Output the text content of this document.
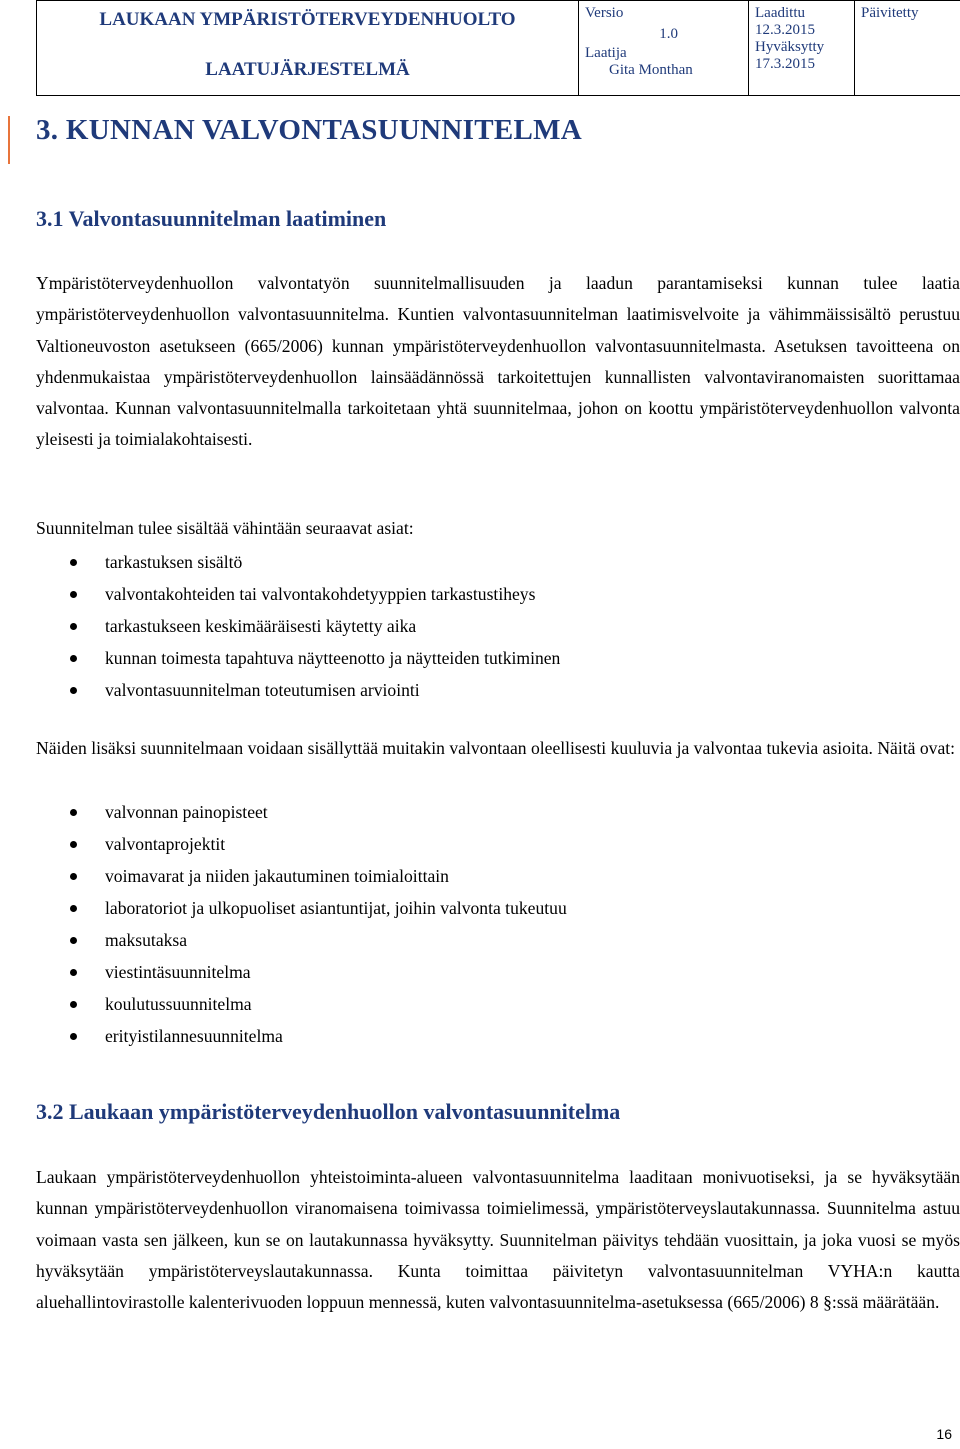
LAUKAAN YMPÄRISTÖTERVEYDENHUOLTO
LAATUJÄRJESTELMÄ

Versio
1.0
Laatija
Gita Monthan

Laadittu
12.3.2015
Hyväksytty
17.3.2015

Päivitetty
3. KUNNAN VALVONTASUUNNITELMA
3.1 Valvontasuunnitelman laatiminen

Ympäristöterveydenhuollon valvontatyön suunnitelmallisuuden ja laadun parantamiseksi kunnan tulee laatia ympäristöterveydenhuollon valvontasuunnitelma. Kuntien valvontasuunnitelman laatimisvelvoite ja vähimmäissisältö perustuu Valtioneuvoston asetukseen (665/2006) kunnan ympäristöterveydenhuollon valvontasuunnitelmasta. Asetuksen tavoitteena on yhdenmukaistaa ympäristöterveydenhuollon lainsäädännössä tarkoitettujen kunnallisten valvontaviranomaisten suorittamaa valvontaa. Kunnan valvontasuunnitelmalla tarkoitetaan yhtä suunnitelmaa, johon on koottu ympäristöterveydenhuollon valvonta yleisesti ja toimialakohtaisesti.

Suunnitelman tulee sisältää vähintään seuraavat asiat:

tarkastuksen sisältö
valvontakohteiden tai valvontakohdetyyppien tarkastustiheys
tarkastukseen keskimääräisesti käytetty aika
kunnan toimesta tapahtuva näytteenotto ja näytteiden tutkiminen
valvontasuunnitelman toteutumisen arviointi

Näiden lisäksi suunnitelmaan voidaan sisällyttää muitakin valvontaan oleellisesti kuuluvia ja valvontaa tukevia asioita. Näitä ovat:

valvonnan painopisteet
valvontaprojektit
voimavarat ja niiden jakautuminen toimialoittain
laboratoriot ja ulkopuoliset asiantuntijat, joihin valvonta tukeutuu
maksutaksa
viestintäsuunnitelma
koulutussuunnitelma
erityistilannesuunnitelma
3.2 Laukaan ympäristöterveydenhuollon valvontasuunnitelma

Laukaan ympäristöterveydenhuollon yhteistoiminta-alueen valvontasuunnitelma laaditaan monivuotiseksi, ja se hyväksytään kunnan ympäristöterveydenhuollon viranomaisena toimivassa toimielimessä, ympäristöterveyslautakunnassa. Suunnitelma astuu voimaan vasta sen jälkeen, kun se on lautakunnassa hyväksytty. Suunnitelman päivitys tehdään vuosittain, ja joka vuosi se myös hyväksytään ympäristöterveyslautakunnassa. Kunta toimittaa päivitetyn valvontasuunnitelman VYHA:n kautta aluehallintovirastolle kalenterivuoden loppuun mennessä, kuten valvontasuunnitelma-asetuksessa (665/2006) 8 §:ssä määrätään.

16
